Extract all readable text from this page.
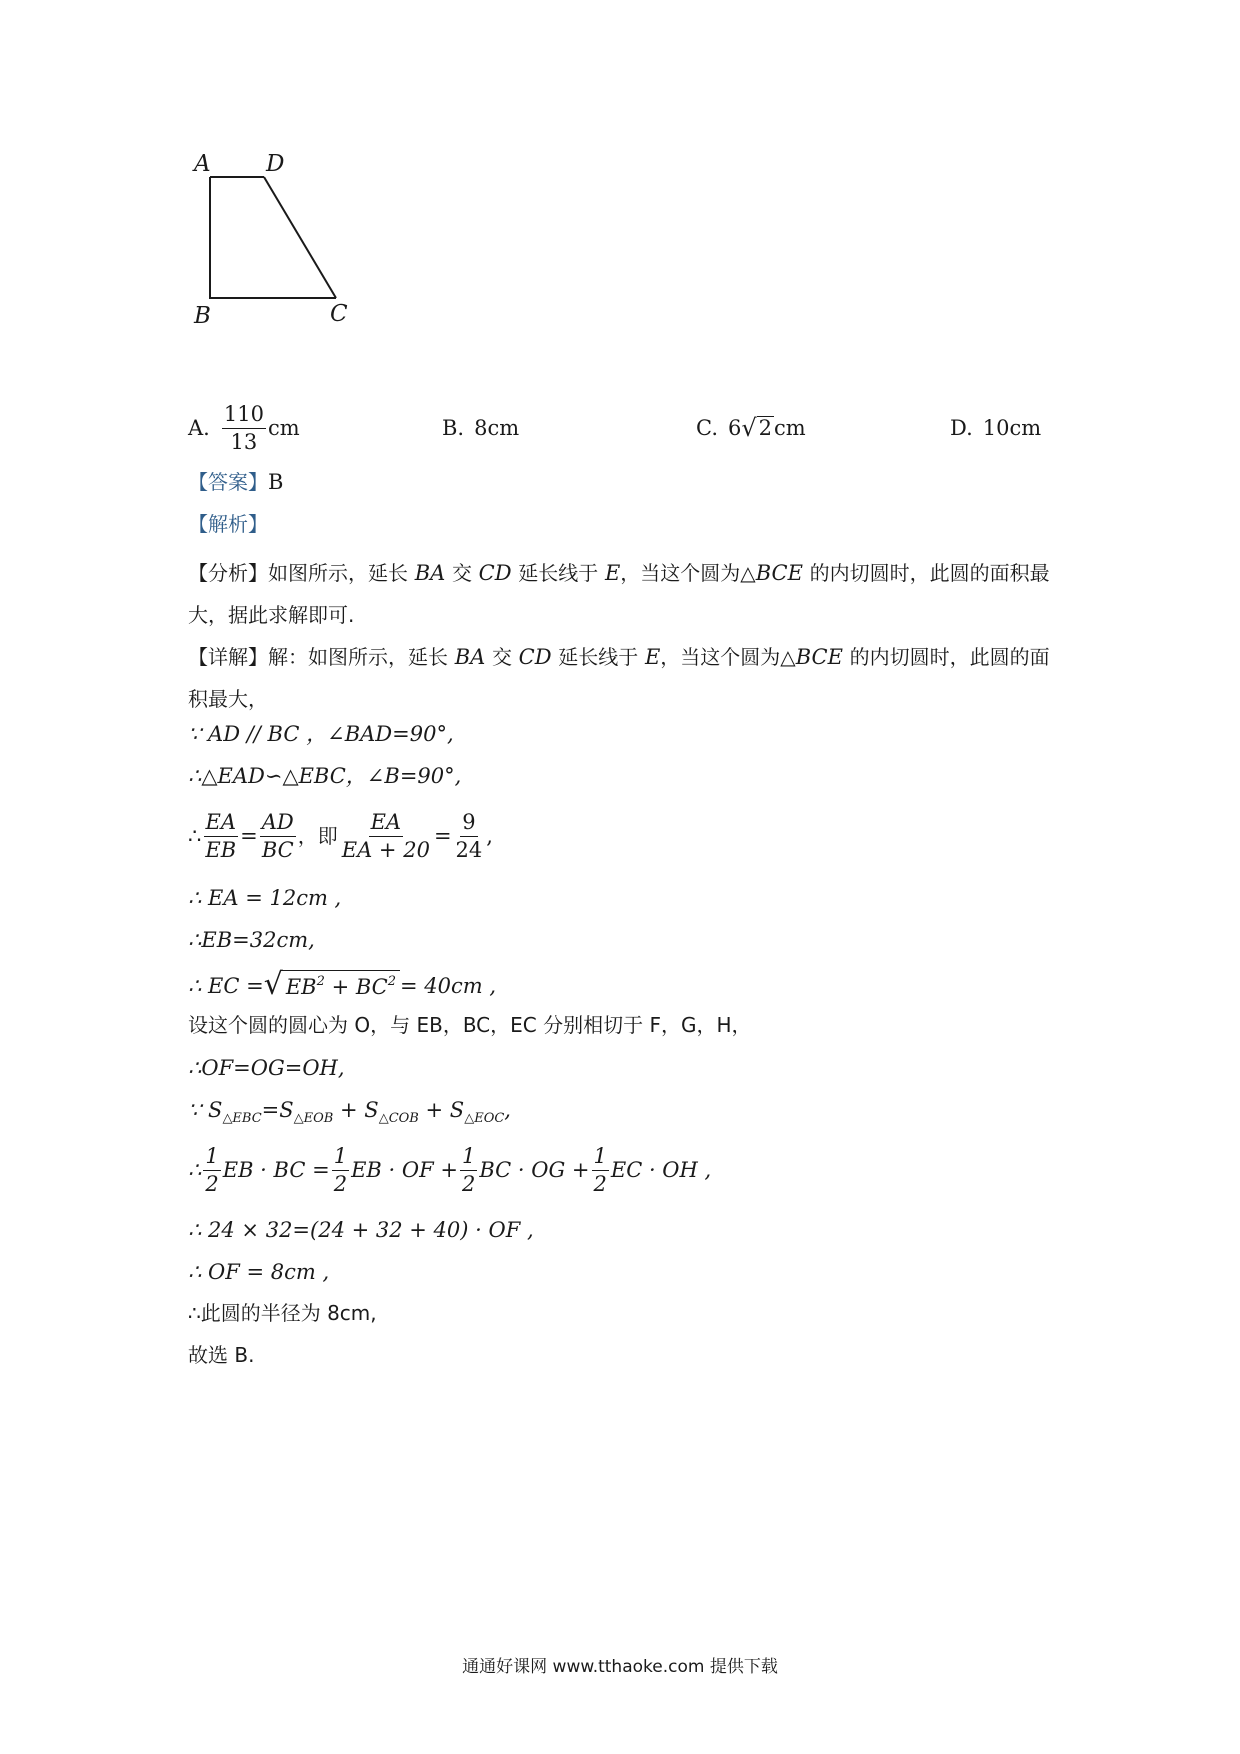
A D
B	C
A. $\frac{110}{13}$ cm	B. 8cm	C. 6 √ 2 cm	D. 10cm
【答案】B
【解析】
【分析】如图所示，延长 BA 交 CD 延长线于 E，当这个圆为△BCE 的内切圆时，此圆的面积最大，据此求解即可.
【详解】解：如图所示，延长 BA 交 CD 延长线于 E，当这个圆为△BCE 的内切圆时，此圆的面积最大，
∵ AD // BC ，∠BAD=90°,
∴△EAD∽△EBC，∠B=90°,
∴ $\frac{EA}{EB} = \frac{AD}{BC}$ ，即 $\frac{EA}{EA + 20} = \frac{9}{24}$ ,
∴ EA = 12cm ,
∴EB=32cm,
∴ EC = √ $EB^2 + BC^2 = 40cm$ ,
设这个圆的圆心为 O，与 EB，BC，EC 分别相切于 F，G，H，
∴OF=OG=OH,
∵ $S_{\triangle EBC}=S_{\triangle EOB} + S_{\triangle COB} + S_{\triangle EOC}$,
∴ $\frac{1}{2}$ EB · BC = $\frac{1}{2}$ EB · OF + $\frac{1}{2}$ BC · OG + $\frac{1}{2}$ EC · OH ,
∴ 24 × 32=(24 + 32 + 40) · OF ,
∴ OF = 8cm ,
∴此圆的半径为 8cm,
故选 B.
通通好课网 www.tthaoke.com 提供下载
